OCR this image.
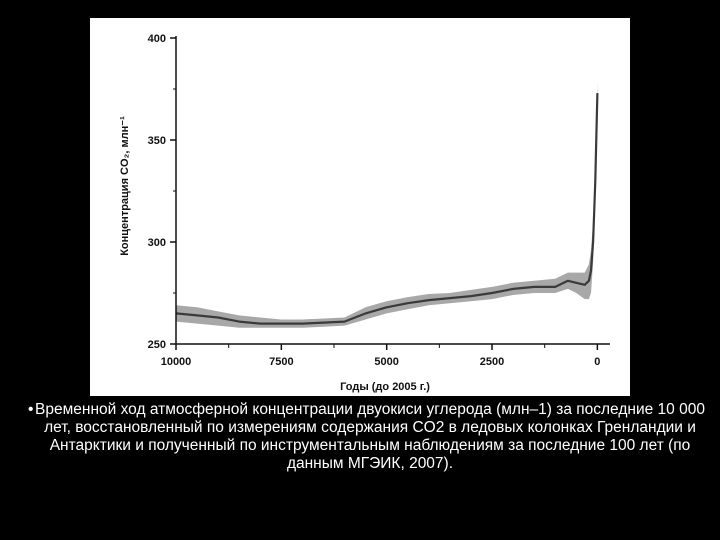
250
300
350
400
10000	7500	5000	2500	0
Годы (до 2005 г.)
Концентрация CO₂, млн⁻¹
• Временной ход атмосферной концентрации двуокиси углерода (млн–1) за последние 10 000 лет, восстановленный по измерениям содержания CO2 в ледовых колонках Гренландии и Антарктики и полученный по инструментальным наблюдениям за последние 100 лет (по данным МГЭИК, 2007).
